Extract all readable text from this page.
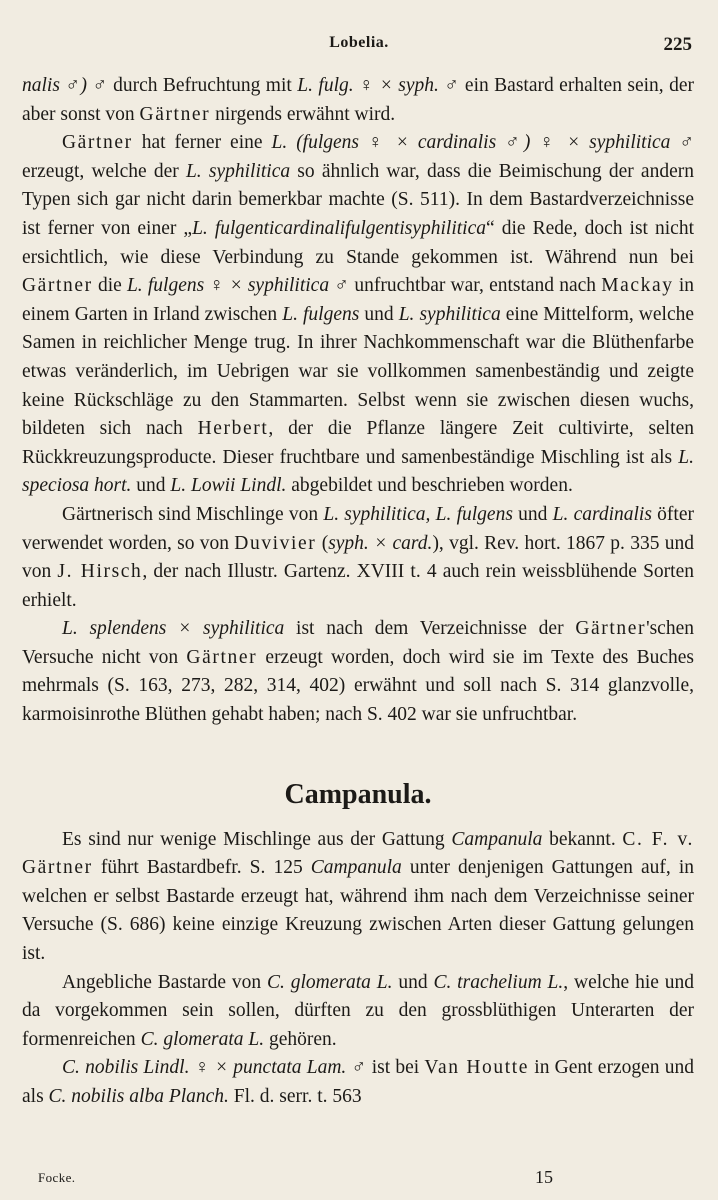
Lobelia.	225

nalis ♂) ♂ durch Befruchtung mit L. fulg. ♀ × syph. ♂ ein Bastard erhalten sein, der aber sonst von Gärtner nirgends erwähnt wird.

Gärtner hat ferner eine L. (fulgens ♀ × cardinalis ♂) ♀ × syphilitica ♂ erzeugt, welche der L. syphilitica so ähnlich war, dass die Beimischung der andern Typen sich gar nicht darin bemerkbar machte (S. 511). In dem Bastardverzeichnisse ist ferner von einer „L. fulgenticardinalifulgentisyphilitica“ die Rede, doch ist nicht ersichtlich, wie diese Verbindung zu Stande gekommen ist. Während nun bei Gärtner die L. fulgens ♀ × syphilitica ♂ unfruchtbar war, entstand nach Mackay in einem Garten in Irland zwischen L. fulgens und L. syphilitica eine Mittelform, welche Samen in reichlicher Menge trug. In ihrer Nachkommenschaft war die Blüthenfarbe etwas veränderlich, im Uebrigen war sie vollkommen samenbeständig und zeigte keine Rückschläge zu den Stammarten. Selbst wenn sie zwischen diesen wuchs, bildeten sich nach Herbert, der die Pflanze längere Zeit cultivirte, selten Rückkreuzungsproducte. Dieser fruchtbare und samenbeständige Mischling ist als L. speciosa hort. und L. Lowii Lindl. abgebildet und beschrieben worden.

Gärtnerisch sind Mischlinge von L. syphilitica, L. fulgens und L. cardinalis öfter verwendet worden, so von Duvivier (syph. × card.), vgl. Rev. hort. 1867 p. 335 und von J. Hirsch, der nach Illustr. Gartenz. XVIII t. 4 auch rein weissblühende Sorten erhielt.

L. splendens × syphilitica ist nach dem Verzeichnisse der Gärtner'schen Versuche nicht von Gärtner erzeugt worden, doch wird sie im Texte des Buches mehrmals (S. 163, 273, 282, 314, 402) erwähnt und soll nach S. 314 glanzvolle, karmoisinrothe Blüthen gehabt haben; nach S. 402 war sie unfruchtbar.

Campanula.

Es sind nur wenige Mischlinge aus der Gattung Campanula bekannt. C. F. v. Gärtner führt Bastardbefr. S. 125 Campanula unter denjenigen Gattungen auf, in welchen er selbst Bastarde erzeugt hat, während ihm nach dem Verzeichnisse seiner Versuche (S. 686) keine einzige Kreuzung zwischen Arten dieser Gattung gelungen ist.

Angebliche Bastarde von C. glomerata L. und C. trachelium L., welche hie und da vorgekommen sein sollen, dürften zu den grossblüthigen Unterarten der formenreichen C. glomerata L. gehören.

C. nobilis Lindl. ♀ × punctata Lam. ♂ ist bei Van Houtte in Gent erzogen und als C. nobilis alba Planch. Fl. d. serr. t. 563

Focke.	15
